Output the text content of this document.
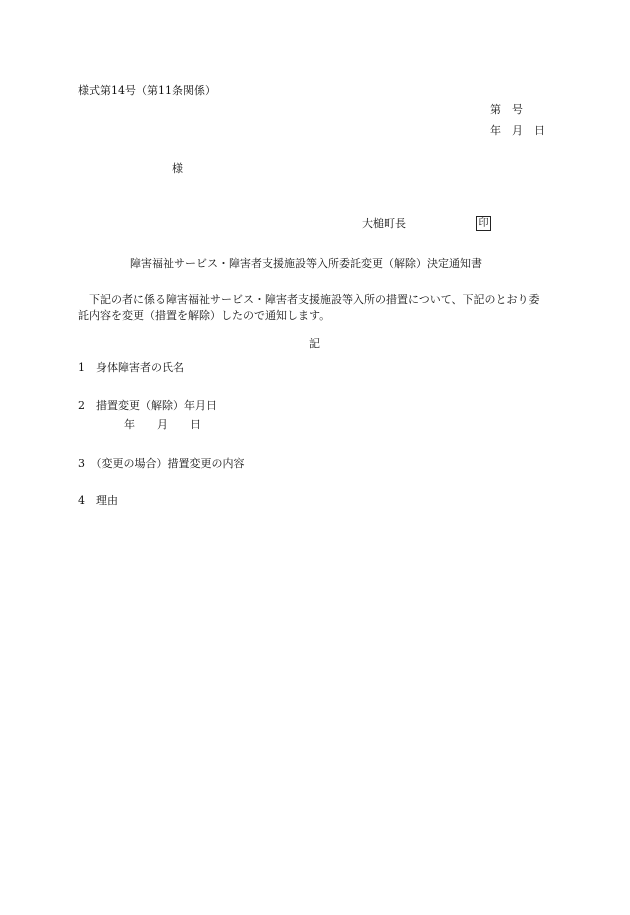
様式第14号（第11条関係）
第　号
年　月　日
様
大槌町長	印
障害福祉サービス・障害者支援施設等入所委託変更（解除）決定通知書
下記の者に係る障害福祉サービス・障害者支援施設等入所の措置について、下記のとおり委託内容を変更（措置を解除）したので通知します。
記
1　身体障害者の氏名
2　措置変更（解除）年月日
年　　月　　日
3　（変更の場合）措置変更の内容
4　理由
